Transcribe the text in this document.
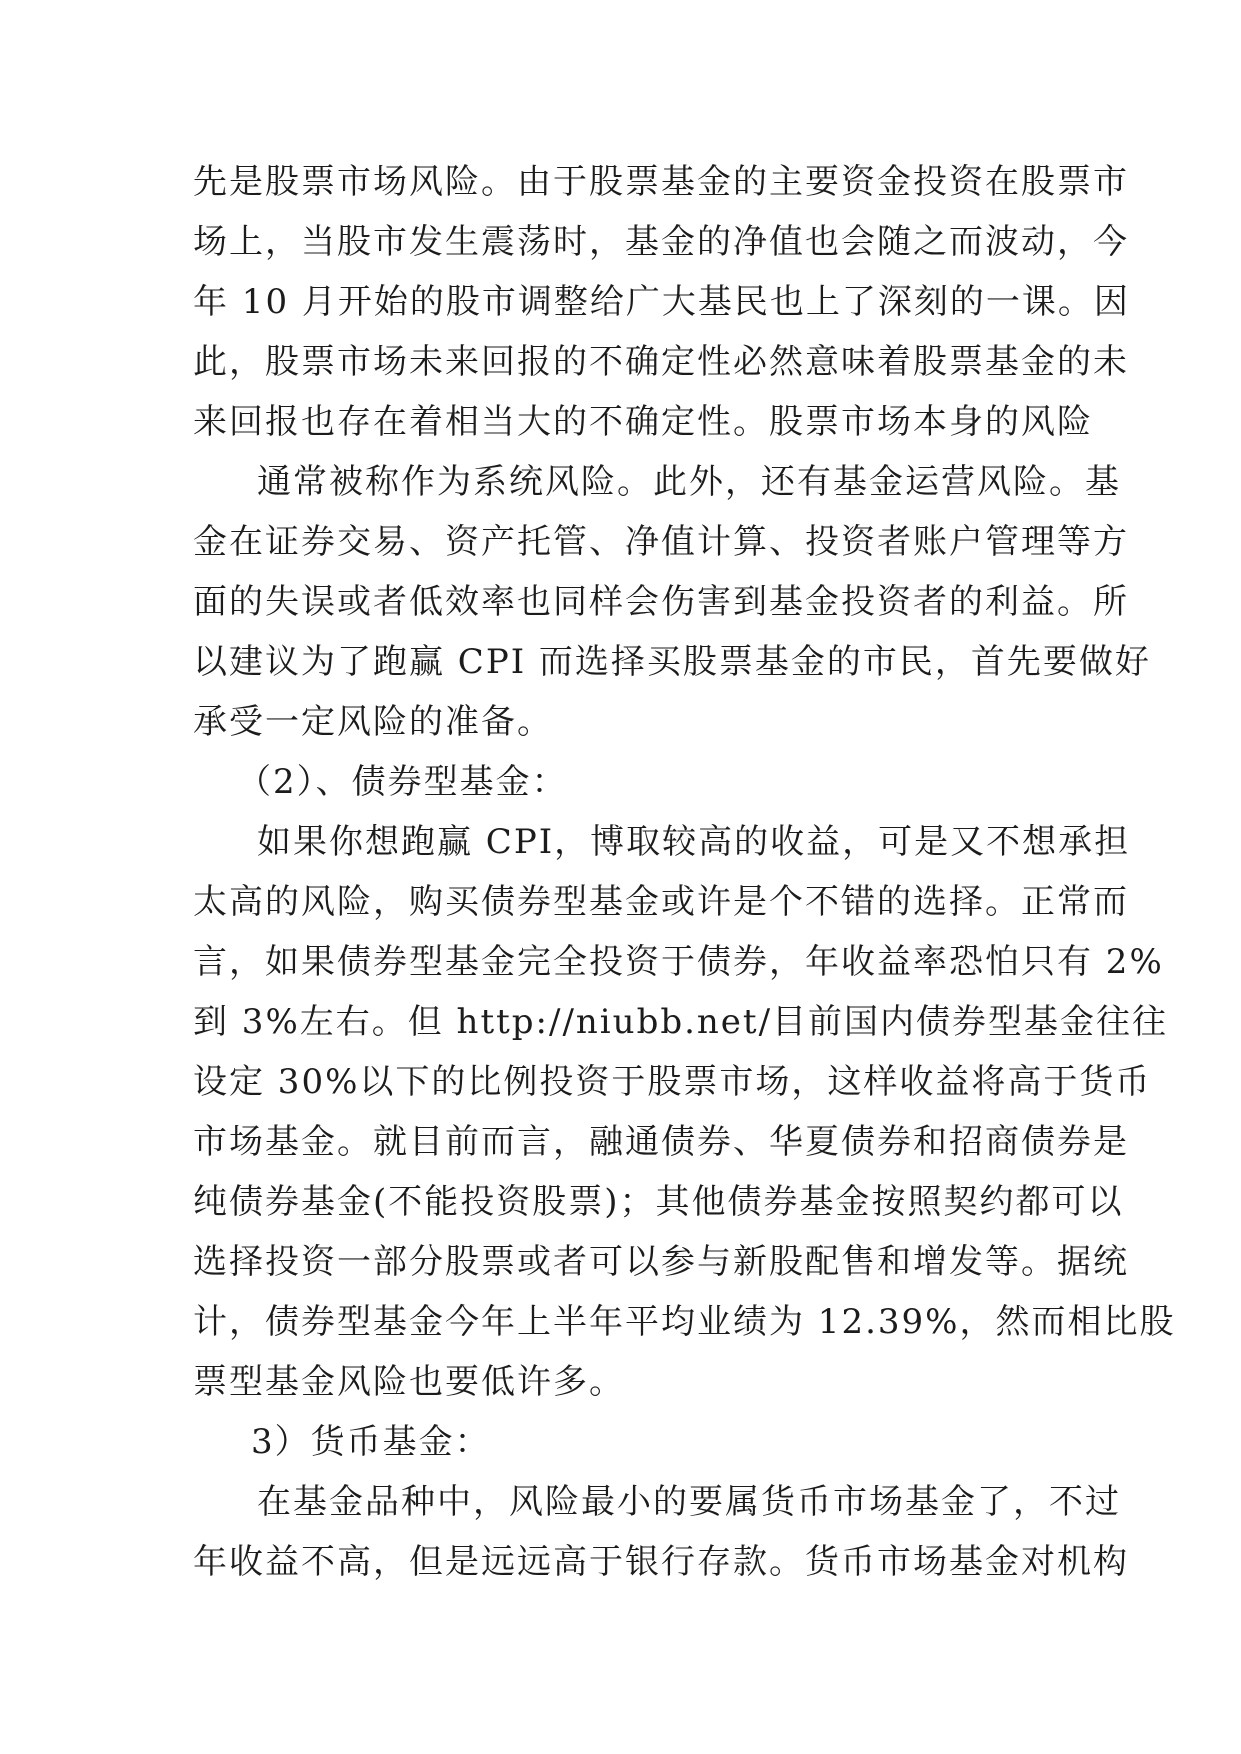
先是股票市场风险。由于股票基金的主要资金投资在股票市
场上，当股市发生震荡时，基金的净值也会随之而波动，今
年 10 月开始的股市调整给广大基民也上了深刻的一课。因
此，股票市场未来回报的不确定性必然意味着股票基金的未
来回报也存在着相当大的不确定性。股票市场本身的风险
通常被称作为系统风险。此外，还有基金运营风险。基
金在证券交易、资产托管、净值计算、投资者账户管理等方
面的失误或者低效率也同样会伤害到基金投资者的利益。所
以建议为了跑赢 CPI 而选择买股票基金的市民，首先要做好
承受一定风险的准备。
（2）、债券型基金：
如果你想跑赢 CPI，博取较高的收益，可是又不想承担
太高的风险，购买债券型基金或许是个不错的选择。正常而
言，如果债券型基金完全投资于债券，年收益率恐怕只有 2%
到 3%左右。但 http://niubb.net/目前国内债券型基金往往
设定 30%以下的比例投资于股票市场，这样收益将高于货币
市场基金。就目前而言，融通债券、华夏债券和招商债券是
纯债券基金(不能投资股票)；其他债券基金按照契约都可以
选择投资一部分股票或者可以参与新股配售和增发等。据统
计，债券型基金今年上半年平均业绩为 12.39%，然而相比股
票型基金风险也要低许多。
3）货币基金：
在基金品种中，风险最小的要属货币市场基金了，不过
年收益不高，但是远远高于银行存款。货币市场基金对机构
